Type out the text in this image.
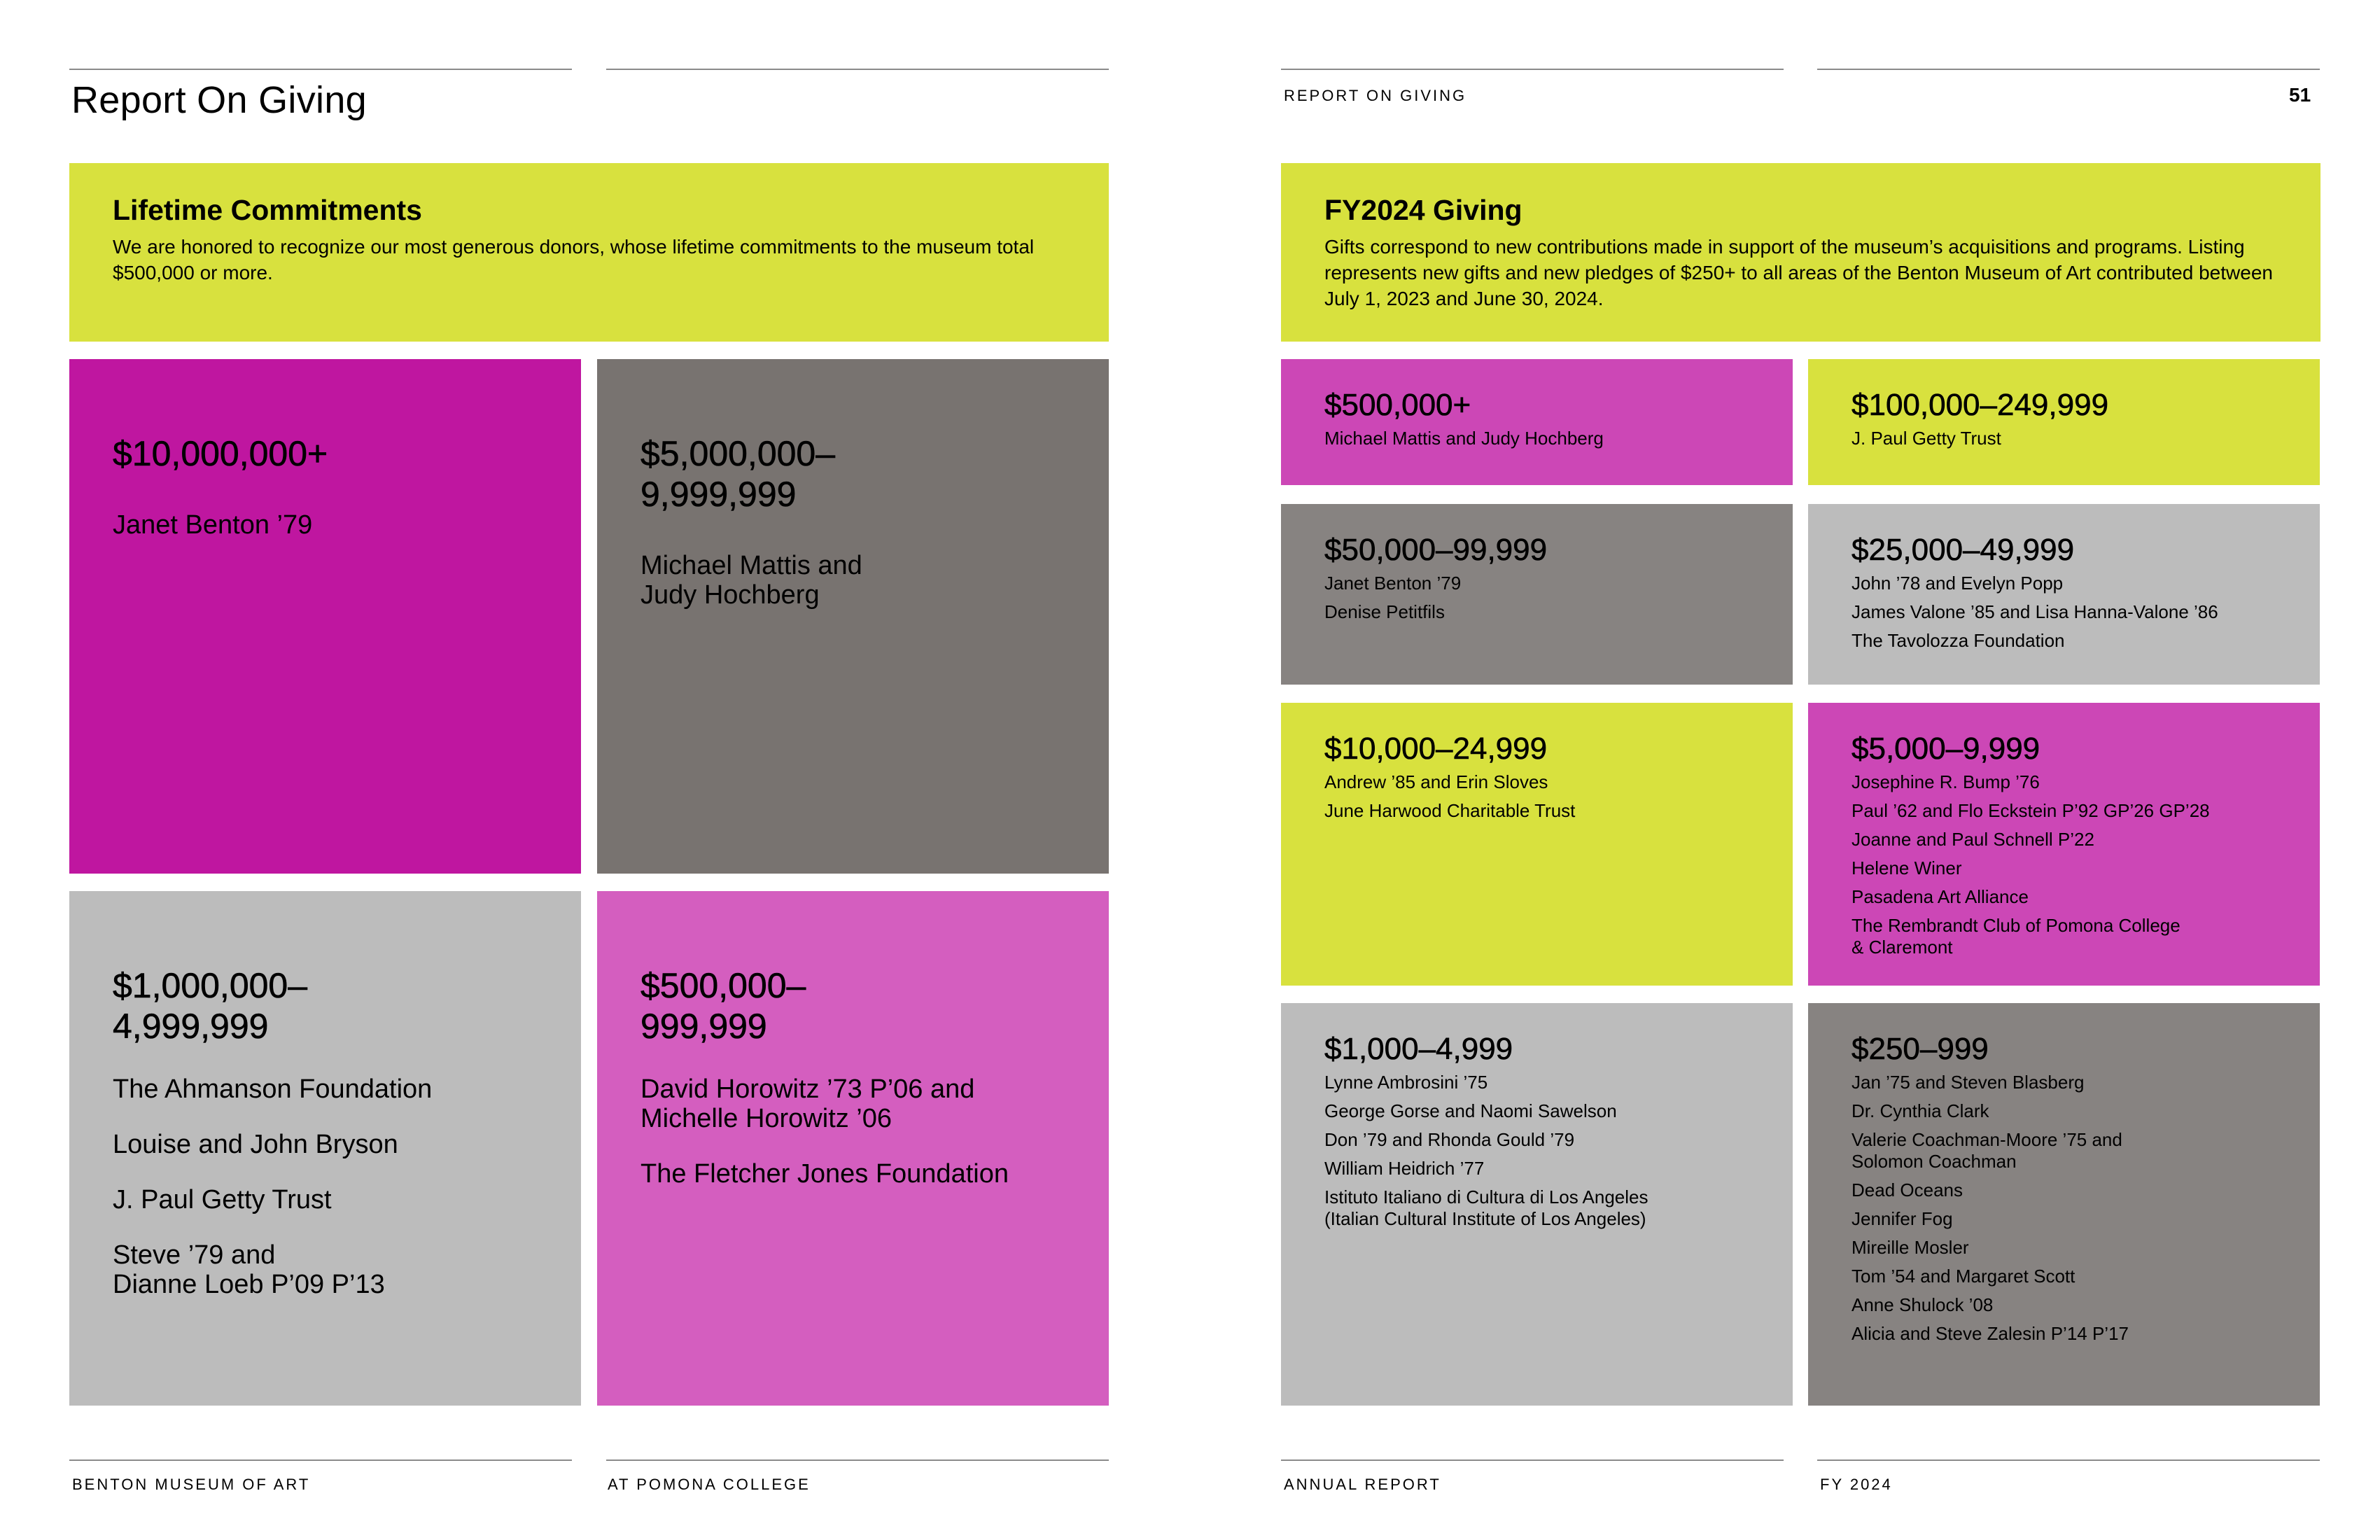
Report On Giving
Lifetime Commitments

We are honored to recognize our most generous donors, whose lifetime commitments to the museum total $500,000 or more.

$10,000,000+
Janet Benton ’79
$5,000,000–
9,999,999
Michael Mattis and
Judy Hochberg
$1,000,000–
4,999,999
The Ahmanson Foundation
Louise and John Bryson
J. Paul Getty Trust
Steve ’79 and
Dianne Loeb P’09 P’13
$500,000–
999,999
David Horowitz ’73 P’06 and
Michelle Horowitz ’06
The Fletcher Jones Foundation
BENTON MUSEUM OF ART	AT POMONA COLLEGE
REPORT ON GIVING	51
FY2024 Giving

Gifts correspond to new contributions made in support of the museum’s acquisitions and programs. Listing represents new gifts and new pledges of $250+ to all areas of the Benton Museum of Art contributed between July 1, 2023 and June 30, 2024.

$500,000+
Michael Mattis and Judy Hochberg
$100,000–249,999
J. Paul Getty Trust
$50,000–99,999
Janet Benton ’79
Denise Petitfils
$25,000–49,999
John ’78 and Evelyn Popp
James Valone ’85 and Lisa Hanna-Valone ’86
The Tavolozza Foundation
$10,000–24,999
Andrew ’85 and Erin Sloves
June Harwood Charitable Trust
$5,000–9,999
Josephine R. Bump ’76
Paul ’62 and Flo Eckstein P’92 GP’26 GP’28
Joanne and Paul Schnell P’22
Helene Winer
Pasadena Art Alliance
The Rembrandt Club of Pomona College
& Claremont
$1,000–4,999
Lynne Ambrosini ’75
George Gorse and Naomi Sawelson
Don ’79 and Rhonda Gould ’79
William Heidrich ’77
Istituto Italiano di Cultura di Los Angeles
(Italian Cultural Institute of Los Angeles)
$250–999
Jan ’75 and Steven Blasberg
Dr. Cynthia Clark
Valerie Coachman-Moore ’75 and
Solomon Coachman
Dead Oceans
Jennifer Fog
Mireille Mosler
Tom ’54 and Margaret Scott
Anne Shulock ’08
Alicia and Steve Zalesin P’14 P’17
ANNUAL REPORT	FY 2024
